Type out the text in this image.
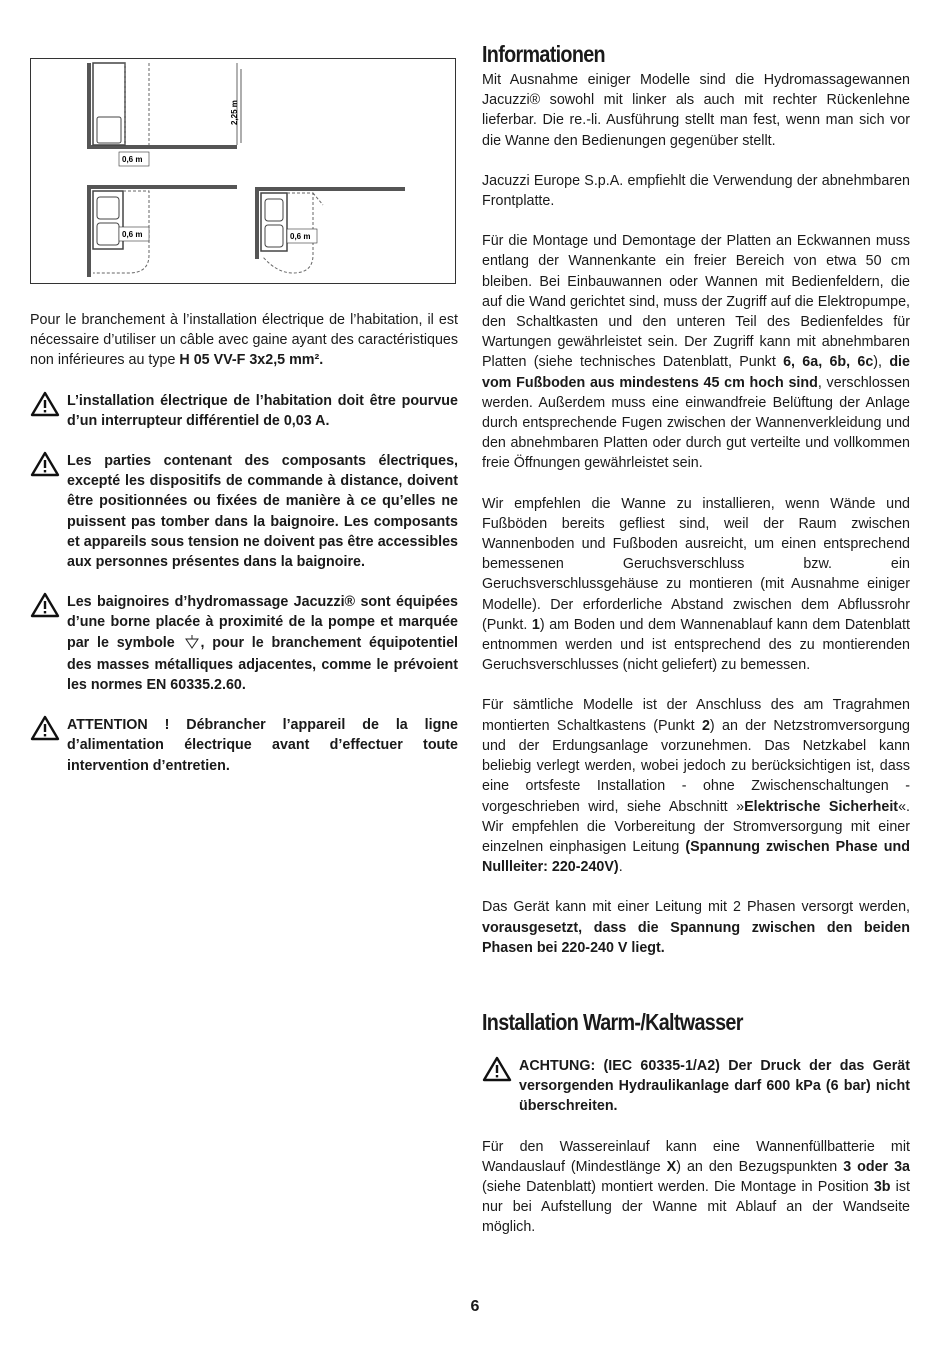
2,25 m
0,6 m
0,6 m	0,6 m

Pour le branchement à l’installation électrique de l’habitation, il est nécessaire d’utiliser un câble avec gaine ayant des caractéristiques non inférieures au type H 05 VV-F 3x2,5 mm².

L’installation électrique de l’habitation doit être pourvue d’un interrupteur différentiel de 0,03 A.
Les parties contenant des composants électriques, excepté les dispositifs de commande à distance, doivent être positionnées ou fixées de manière à ce qu’elles ne puissent pas tomber dans la baignoire. Les composants et appareils sous tension ne doivent pas être accessibles aux personnes présentes dans la baignoire.
Les baignoires d’hydromassage Jacuzzi® sont équipées d’une borne placée à proximité de la pompe et marquée par le symbole , pour le branchement équipotentiel des masses métalliques adjacentes, comme le prévoient les normes EN 60335.2.60.
ATTENTION ! Débrancher l’appareil de la ligne d’alimentation électrique avant d’effectuer toute intervention d’entretien.
Informationen

Mit Ausnahme einiger Modelle sind die Hydromassagewannen Jacuzzi® sowohl mit linker als auch mit rechter Rückenlehne lieferbar. Die re.-li. Ausführung stellt man fest, wenn man sich vor die Wanne den Bedienungen gegenüber stellt.

Jacuzzi Europe S.p.A. empfiehlt die Verwendung der abnehmbaren Frontplatte.

Für die Montage und Demontage der Platten an Eckwannen muss entlang der Wannenkante ein freier Bereich von etwa 50 cm bleiben. Bei Einbauwannen oder Wannen mit Bedienfeldern, die auf die Wand gerichtet sind, muss der Zugriff auf die Elektropumpe, den Schaltkasten und den unteren Teil des Bedienfeldes für Wartungen gewährleistet sein. Der Zugriff kann mit abnehmbaren Platten (siehe technisches Datenblatt, Punkt 6, 6a, 6b, 6c), die vom Fußboden aus mindestens 45 cm hoch sind, verschlossen werden. Außerdem muss eine einwandfreie Belüftung der Anlage durch entsprechende Fugen zwischen der Wannenverkleidung und den abnehmbaren Platten oder durch gut verteilte und vollkommen freie Öffnungen gewährleistet sein.

Wir empfehlen die Wanne zu installieren, wenn Wände und Fußböden bereits gefliest sind, weil der Raum zwischen Wannenboden und Fußboden ausreicht, um einen entsprechend bemessenen Geruchsverschluss bzw. ein Geruchsverschlussgehäuse zu montieren (mit Ausnahme einiger Modelle). Der erforderliche Abstand zwischen dem Abflussrohr (Punkt. 1) am Boden und dem Wannenablauf kann dem Datenblatt entnommen werden und ist entsprechend des zu montierenden Geruchsverschlusses (nicht geliefert) zu bemessen.

Für sämtliche Modelle ist der Anschluss des am Tragrahmen montierten Schaltkastens (Punkt 2) an der Netzstromversorgung und der Erdungsanlage vorzunehmen. Das Netzkabel kann beliebig verlegt werden, wobei jedoch zu berücksichtigen ist, dass eine ortsfeste Installation - ohne Zwischenschaltungen - vorgeschrieben wird, siehe Abschnitt »Elektrische Sicherheit«. Wir empfehlen die Vorbereitung der Stromversorgung mit einer einzelnen einphasigen Leitung (Spannung zwischen Phase und Nullleiter: 220-240V).

Das Gerät kann mit einer Leitung mit 2 Phasen versorgt werden, vorausgesetzt, dass die Spannung zwischen den beiden Phasen bei 220-240 V liegt.

Installation Warm-/Kaltwasser
ACHTUNG: (IEC 60335-1/A2) Der Druck der das Gerät versorgenden Hydraulikanlage darf 600 kPa (6 bar) nicht überschreiten.

Für den Wassereinlauf kann eine Wannenfüllbatterie mit Wandauslauf (Mindestlänge X) an den Bezugspunkten 3 oder 3a (siehe Datenblatt) montiert werden. Die Montage in Position 3b ist nur bei Aufstellung der Wanne mit Ablauf an der Wandseite möglich.

6
